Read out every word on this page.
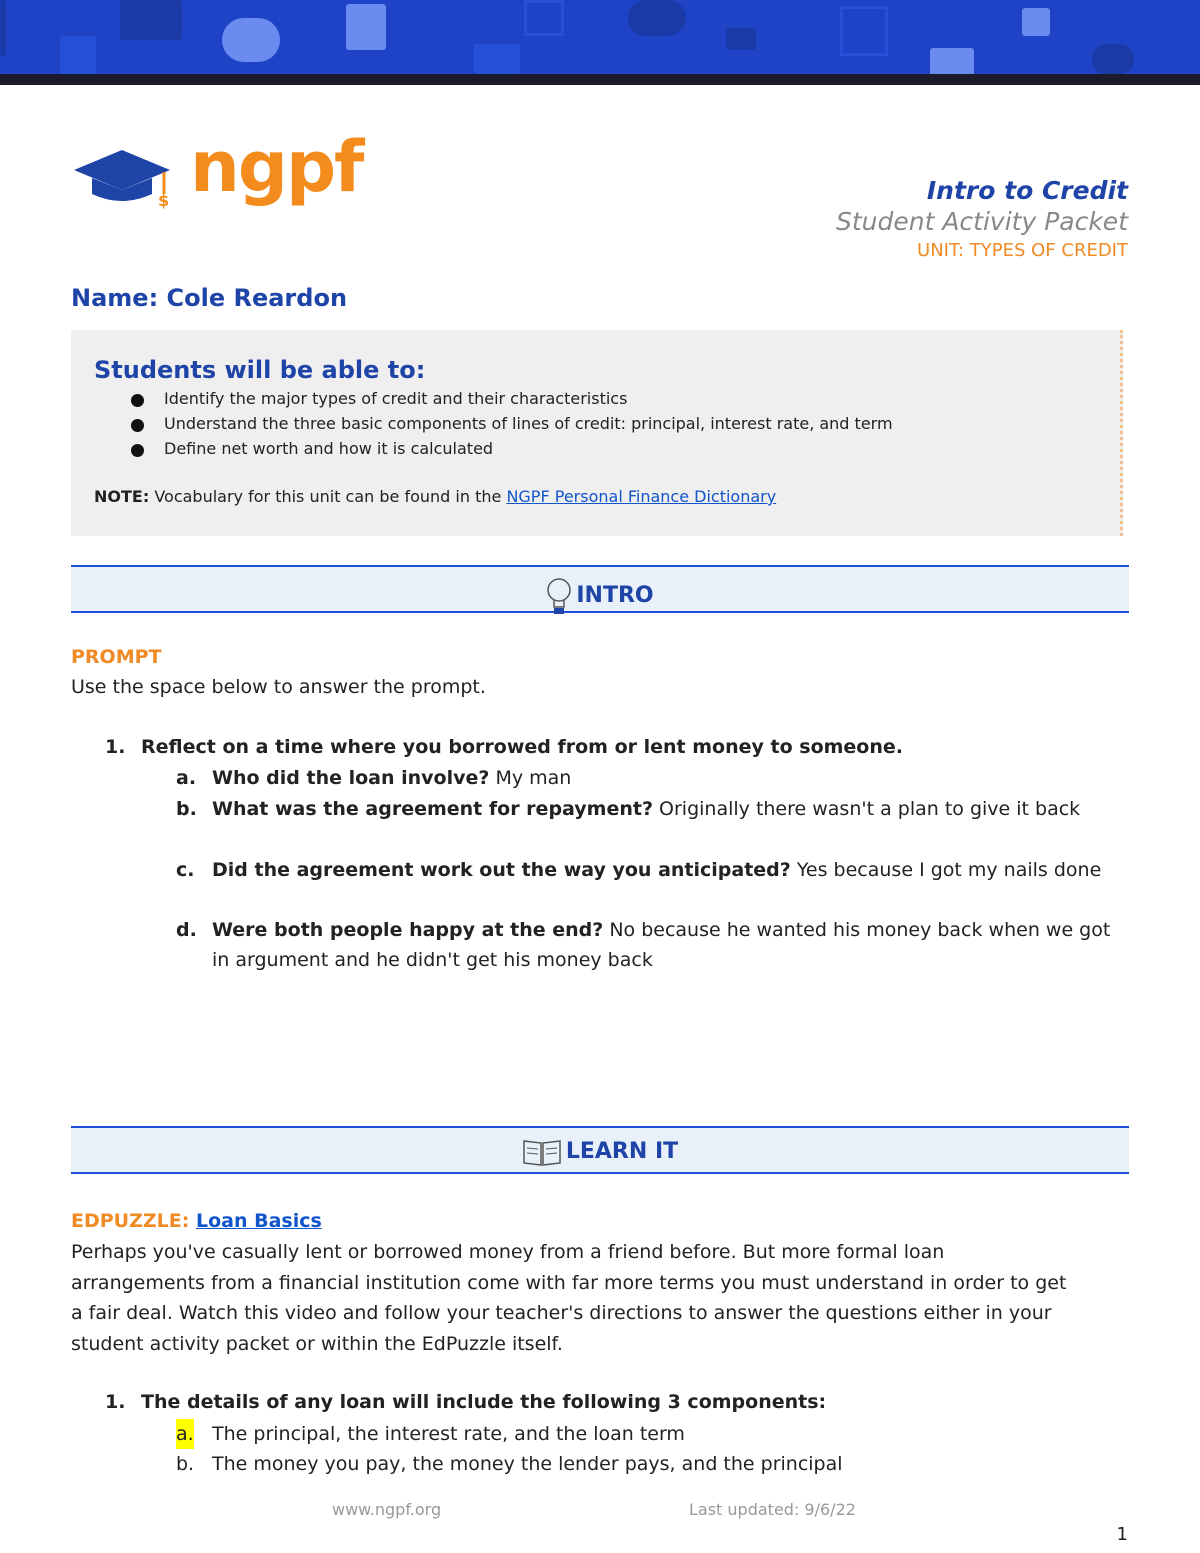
$ ngpf	Intro to Credit
Student Activity Packet
UNIT: TYPES OF CREDIT
Name: Cole Reardon
Students will be able to:
Identify the major types of credit and their characteristics
Understand the three basic components of lines of credit: principal, interest rate, and term
Define net worth and how it is calculated
NOTE: Vocabulary for this unit can be found in the NGPF Personal Finance Dictionary
INTRO
PROMPT
Use the space below to answer the prompt.
1. Reflect on a time where you borrowed from or lent money to someone.
a. Who did the loan involve? My man
b. What was the agreement for repayment? Originally there wasn't a plan to give it back
c. Did the agreement work out the way you anticipated? Yes because I got my nails done
d. Were both people happy at the end? No because he wanted his money back when we got in argument and he didn't get his money back
LEARN IT
EDPUZZLE: Loan Basics
Perhaps you've casually lent or borrowed money from a friend before. But more formal loan arrangements from a financial institution come with far more terms you must understand in order to get a fair deal. Watch this video and follow your teacher's directions to answer the questions either in your student activity packet or within the EdPuzzle itself.
1. The details of any loan will include the following 3 components:
a. The principal, the interest rate, and the loan term
b. The money you pay, the money the lender pays, and the principal
www.ngpf.org	Last updated: 9/6/22
1
